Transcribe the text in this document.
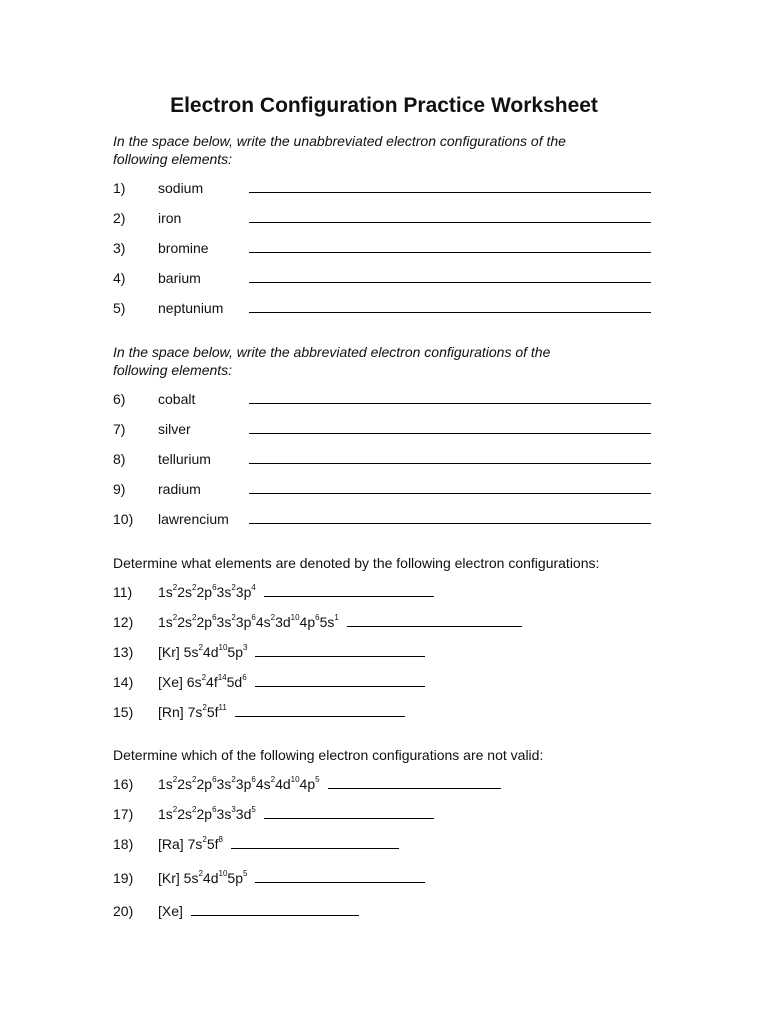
Electron Configuration Practice Worksheet

In the space below, write the unabbreviated electron configurations of the following elements:

1) sodium
2) iron
3) bromine
4) barium
5) neptunium

In the space below, write the abbreviated electron configurations of the following elements:

6) cobalt
7) silver
8) tellurium
9) radium
10) lawrencium

Determine what elements are denoted by the following electron configurations:

11) $1s^22s^22p^63s^23p^4$
12) $1s^22s^22p^63s^23p^64s^23d^{10}4p^65s^1$
13) [Kr] $5s^24d^{10}5p^3$
14) [Xe] $6s^24f^{14}5d^6$
15) [Rn] $7s^25f^{11}$

Determine which of the following electron configurations are not valid:

16) $1s^22s^22p^63s^23p^64s^24d^{10}4p^5$
17) $1s^22s^22p^63s^33d^5$
18) [Ra] $7s^25f^8$
19) [Kr] $5s^24d^{10}5p^5$
20) [Xe]
